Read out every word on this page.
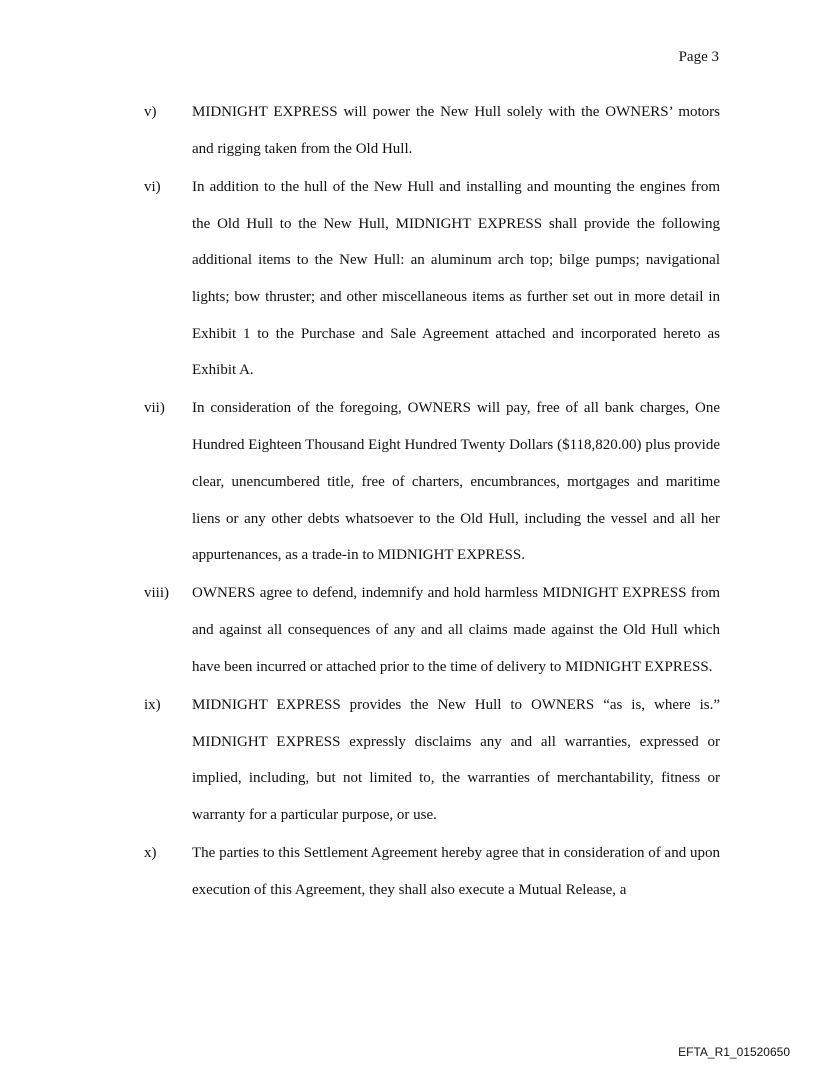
Page 3
v)	MIDNIGHT EXPRESS will power the New Hull solely with the OWNERS’ motors and rigging taken from the Old Hull.
vi)	In addition to the hull of the New Hull and installing and mounting the engines from the Old Hull to the New Hull, MIDNIGHT EXPRESS shall provide the following additional items to the New Hull: an aluminum arch top; bilge pumps; navigational lights; bow thruster; and other miscellaneous items as further set out in more detail in Exhibit 1 to the Purchase and Sale Agreement attached and incorporated hereto as Exhibit A.
vii)	In consideration of the foregoing, OWNERS will pay, free of all bank charges, One Hundred Eighteen Thousand Eight Hundred Twenty Dollars ($118,820.00) plus provide clear, unencumbered title, free of charters, encumbrances, mortgages and maritime liens or any other debts whatsoever to the Old Hull, including the vessel and all her appurtenances, as a trade-in to MIDNIGHT EXPRESS.
viii)	OWNERS agree to defend, indemnify and hold harmless MIDNIGHT EXPRESS from and against all consequences of any and all claims made against the Old Hull which have been incurred or attached prior to the time of delivery to MIDNIGHT EXPRESS.
ix)	MIDNIGHT EXPRESS provides the New Hull to OWNERS “as is, where is.” MIDNIGHT EXPRESS expressly disclaims any and all warranties, expressed or implied, including, but not limited to, the warranties of merchantability, fitness or warranty for a particular purpose, or use.
x)	The parties to this Settlement Agreement hereby agree that in consideration of and upon execution of this Agreement, they shall also execute a Mutual Release, a
EFTA_R1_01520650
